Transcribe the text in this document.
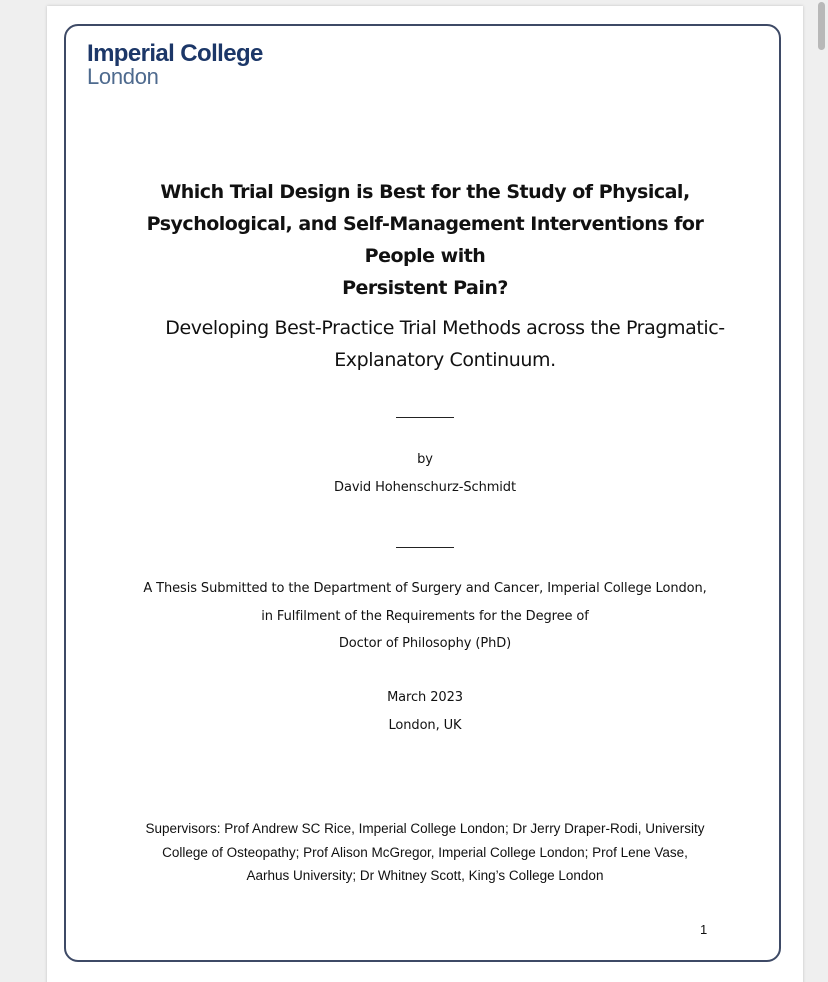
Imperial College
London
Which Trial Design is Best for the Study of Physical,
Psychological, and Self-Management Interventions for People with
Persistent Pain?
Developing Best-Practice Trial Methods across the Pragmatic-
Explanatory Continuum.
by
David Hohenschurz-Schmidt
A Thesis Submitted to the Department of Surgery and Cancer, Imperial College London,
in Fulfilment of the Requirements for the Degree of
Doctor of Philosophy (PhD)
March 2023
London, UK
Supervisors: Prof Andrew SC Rice, Imperial College London; Dr Jerry Draper-Rodi, University
College of Osteopathy; Prof Alison McGregor, Imperial College London; Prof Lene Vase,
Aarhus University; Dr Whitney Scott, King’s College London
1
